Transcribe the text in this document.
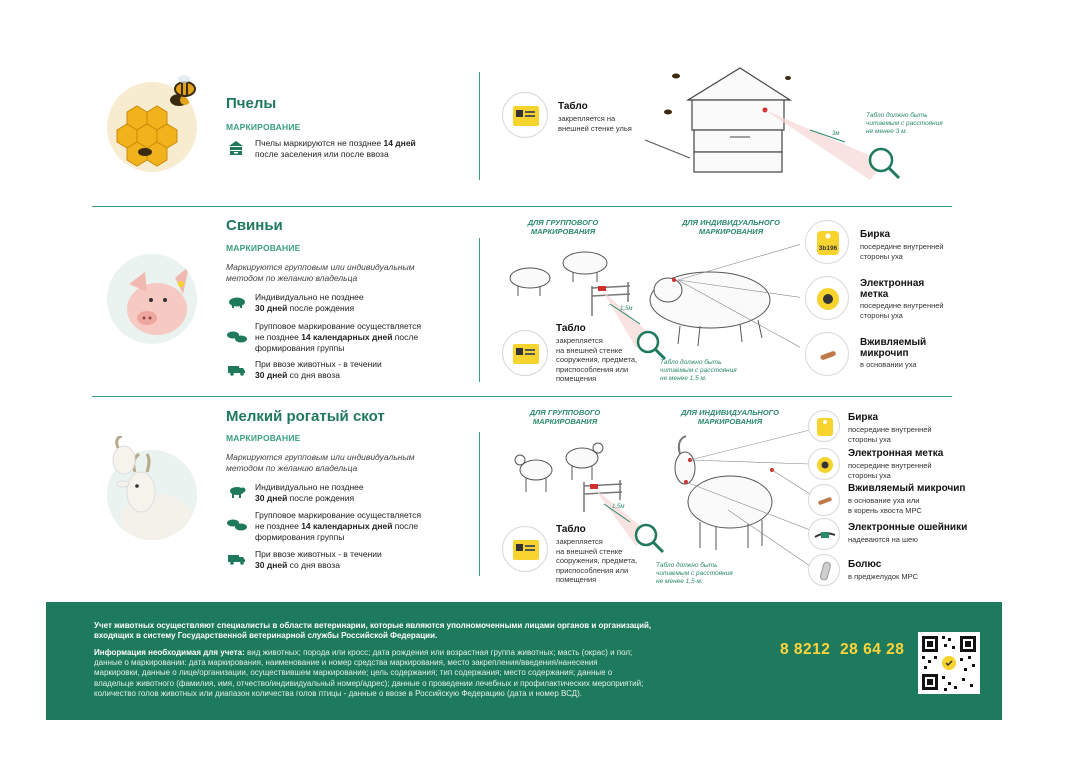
Пчелы
МАРКИРОВАНИЕ
Пчелы маркируются не позднее 14 дней
после заселения или после ввоза
Табло
закрепляется на
внешней стенке улья
3м
Табло должно быть
читаемым с расстояния
не менее 3 м.
Свиньи
МАРКИРОВАНИЕ
Маркируются групповым или индивидуальным
методом по желанию владельца
Индивидуально не позднее
30 дней после рождения
Групповое маркирование осуществляется
не позднее 14 календарных дней после
формирования группы
При ввозе животных - в течении
30 дней со дня ввоза
ДЛЯ ГРУППОВОГО
МАРКИРОВАНИЯ
ДЛЯ ИНДИВИДУАЛЬНОГО
МАРКИРОВАНИЯ
1,5м
Табло должно быть
читаемым с расстояния
не менее 1,5 м.
Табло
закрепляется
на внешней стенке
сооружения, предмета,
приспособления или
помещения
3b196
Бирка
посередине внутренней
стороны уха
Электронная
метка
посередине внутренней
стороны уха
Вживляемый
микрочип
в основании уха
Мелкий рогатый скот
МАРКИРОВАНИЕ
Маркируются групповым или индивидуальным
методом по желанию владельца
Индивидуально не позднее
30 дней после рождения
Групповое маркирование осуществляется
не позднее 14 календарных дней после
формирования группы
При ввозе животных - в течении
30 дней со дня ввоза
ДЛЯ ГРУППОВОГО
МАРКИРОВАНИЯ
ДЛЯ ИНДИВИДУАЛЬНОГО
МАРКИРОВАНИЯ
1,5м
Табло должно быть
читаемым с расстояния
не менее 1,5 м.
Табло
закрепляется
на внешней стенке
сооружения, предмета,
приспособления или
помещения
Бирка
посередине внутренней
стороны уха
Электронная метка
посередине внутренней
стороны уха
Вживляемый микрочип
в основание уха или
в корень хвоста МРС
Электронные ошейники
надеваются на шею
Болюс
в преджелудок МРС
Учет животных осуществляют специалисты в области ветеринарии, которые являются уполномоченными лицами органов и организаций,
входящих в систему Государственной ветеринарной службы Российской Федерации.
Информация необходимая для учета: вид животных; порода или кросс; дата рождения или возрастная группа животных; масть (окрас) и пол;
данные о маркировании: дата маркирования, наименование и номер средства маркирования, место закрепления/введения/нанесения
маркировки, данные о лице/организации, осуществившем маркирование; цель содержания; тип содержания; место содержания; данные о
владельце животного (фамилия, имя, отчество/индивидуальный номер/адрес); данные о проведении лечебных и профилактических мероприятий;
количество голов животных или диапазон количества голов птицы - данные о ввозе в Российскую Федерацию (дата и номер ВСД).
8 8212  28 64 28
